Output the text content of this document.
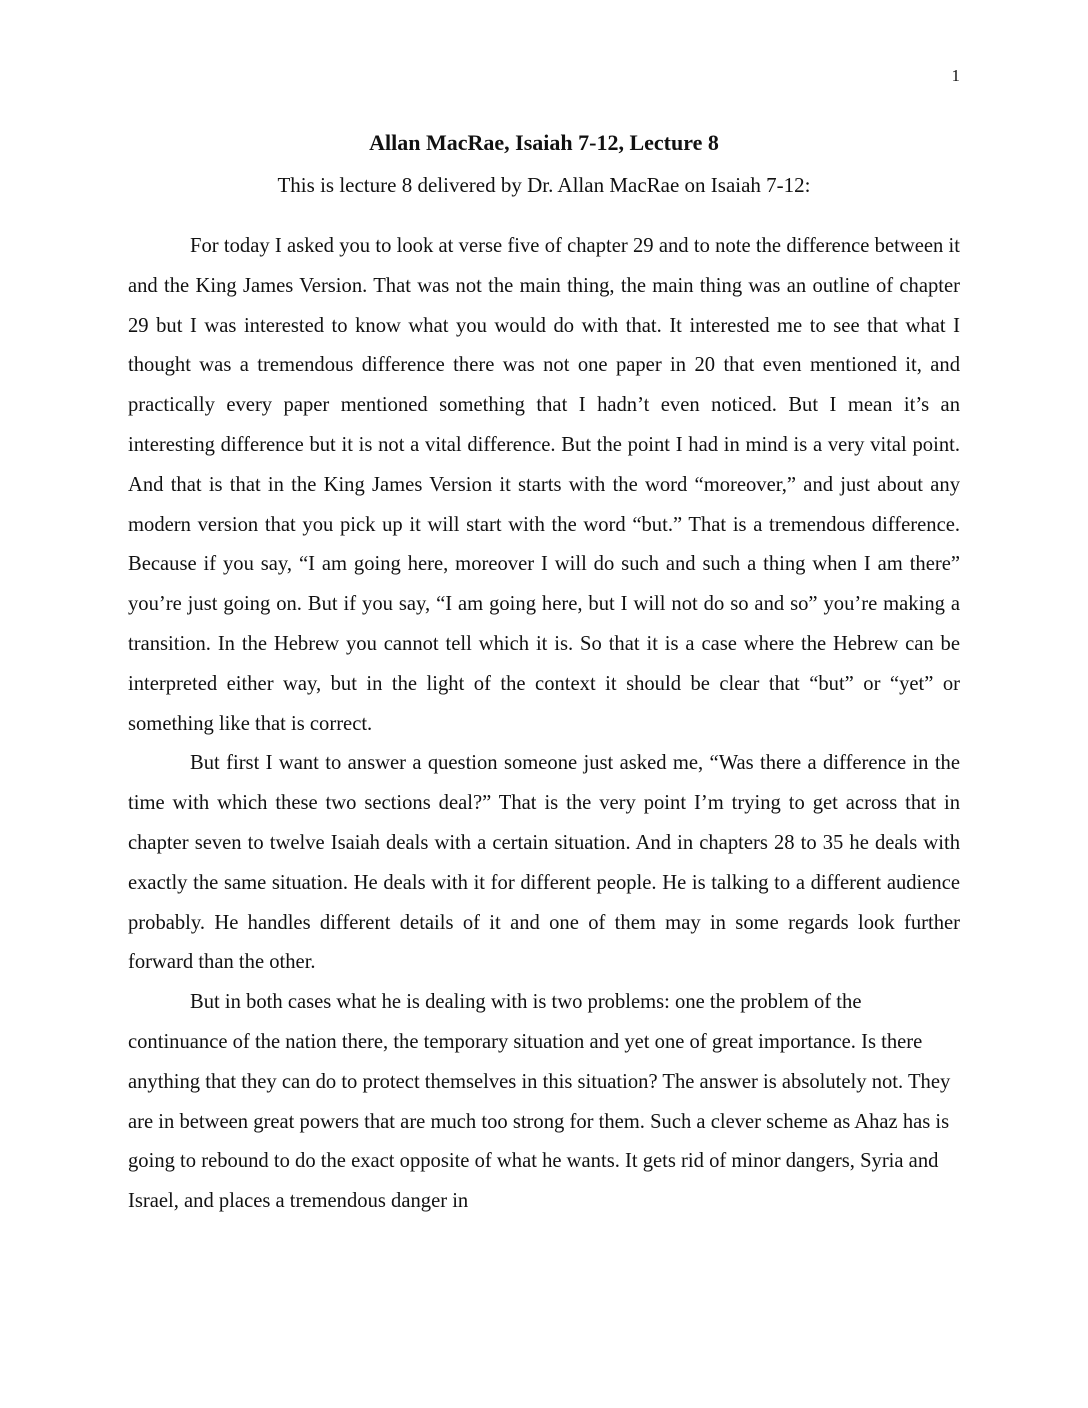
1
Allan MacRae, Isaiah 7-12, Lecture 8
This is lecture 8 delivered by Dr. Allan MacRae on Isaiah 7-12:

For today I asked you to look at verse five of chapter 29 and to note the difference between it and the King James Version. That was not the main thing, the main thing was an outline of chapter 29 but I was interested to know what you would do with that. It interested me to see that what I thought was a tremendous difference there was not one paper in 20 that even mentioned it, and practically every paper mentioned something that I hadn’t even noticed. But I mean it’s an interesting difference but it is not a vital difference. But the point I had in mind is a very vital point. And that is that in the King James Version it starts with the word “moreover,” and just about any modern version that you pick up it will start with the word “but.” That is a tremendous difference. Because if you say, “I am going here, moreover I will do such and such a thing when I am there” you’re just going on. But if you say, “I am going here, but I will not do so and so” you’re making a transition. In the Hebrew you cannot tell which it is. So that it is a case where the Hebrew can be interpreted either way, but in the light of the context it should be clear that “but” or “yet” or something like that is correct.

But first I want to answer a question someone just asked me, “Was there a difference in the time with which these two sections deal?” That is the very point I’m trying to get across that in chapter seven to twelve Isaiah deals with a certain situation. And in chapters 28 to 35 he deals with exactly the same situation. He deals with it for different people. He is talking to a different audience probably. He handles different details of it and one of them may in some regards look further forward than the other.

But in both cases what he is dealing with is two problems: one the problem of the continuance of the nation there, the temporary situation and yet one of great importance. Is there anything that they can do to protect themselves in this situation? The answer is absolutely not. They are in between great powers that are much too strong for them. Such a clever scheme as Ahaz has is going to rebound to do the exact opposite of what he wants. It gets rid of minor dangers, Syria and Israel, and places a tremendous danger in
